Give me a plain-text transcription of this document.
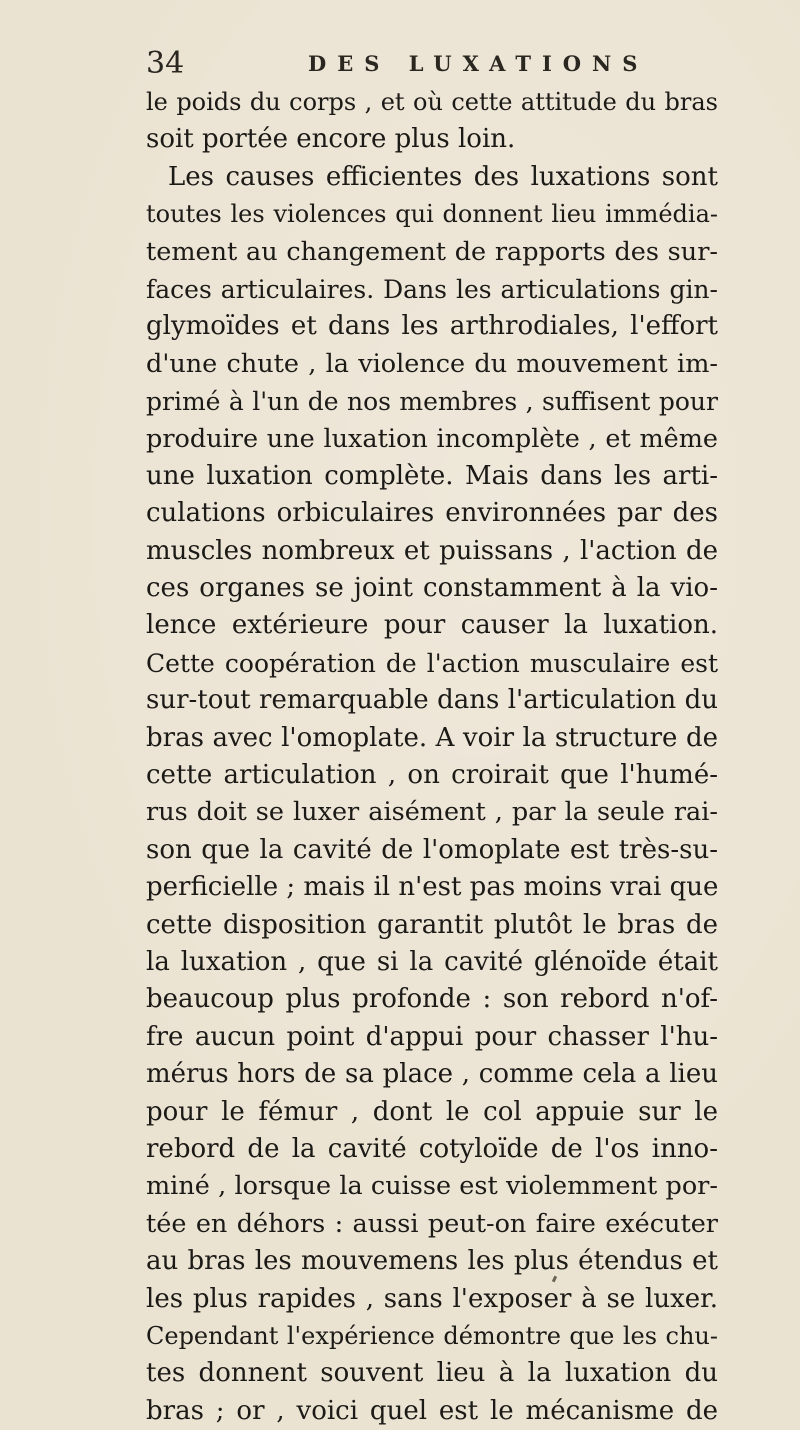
34	DES LUXATIONS
le poids du corps , et où cette attitude du bras
soit portée encore plus loin.
Les causes efficientes des luxations sont
toutes les violences qui donnent lieu immédia-
tement au changement de rapports des sur-
faces articulaires. Dans les articulations gin-
glymoïdes et dans les arthrodiales, l'effort
d'une chute , la violence du mouvement im-
primé à l'un de nos membres , suffisent pour
produire une luxation incomplète , et même
une luxation complète. Mais dans les arti-
culations orbiculaires environnées par des
muscles nombreux et puissans , l'action de
ces organes se joint constamment à la vio-
lence extérieure pour causer la luxation.
Cette coopération de l'action musculaire est
sur-tout remarquable dans l'articulation du
bras avec l'omoplate. A voir la structure de
cette articulation , on croirait que l'humé-
rus doit se luxer aisément , par la seule rai-
son que la cavité de l'omoplate est très-su-
perficielle ; mais il n'est pas moins vrai que
cette disposition garantit plutôt le bras de
la luxation , que si la cavité glénoïde était
beaucoup plus profonde : son rebord n'of-
fre aucun point d'appui pour chasser l'hu-
mérus hors de sa place , comme cela a lieu
pour le fémur , dont le col appuie sur le
rebord de la cavité cotyloïde de l'os inno-
miné , lorsque la cuisse est violemment por-
tée en déhors : aussi peut-on faire exécuter
au bras les mouvemens les plus étendus et
les plus rapides , sans l'exposer à se luxer.
Cependant l'expérience démontre que les chu-
tes donnent souvent lieu à la luxation du
bras ; or , voici quel est le mécanisme de
